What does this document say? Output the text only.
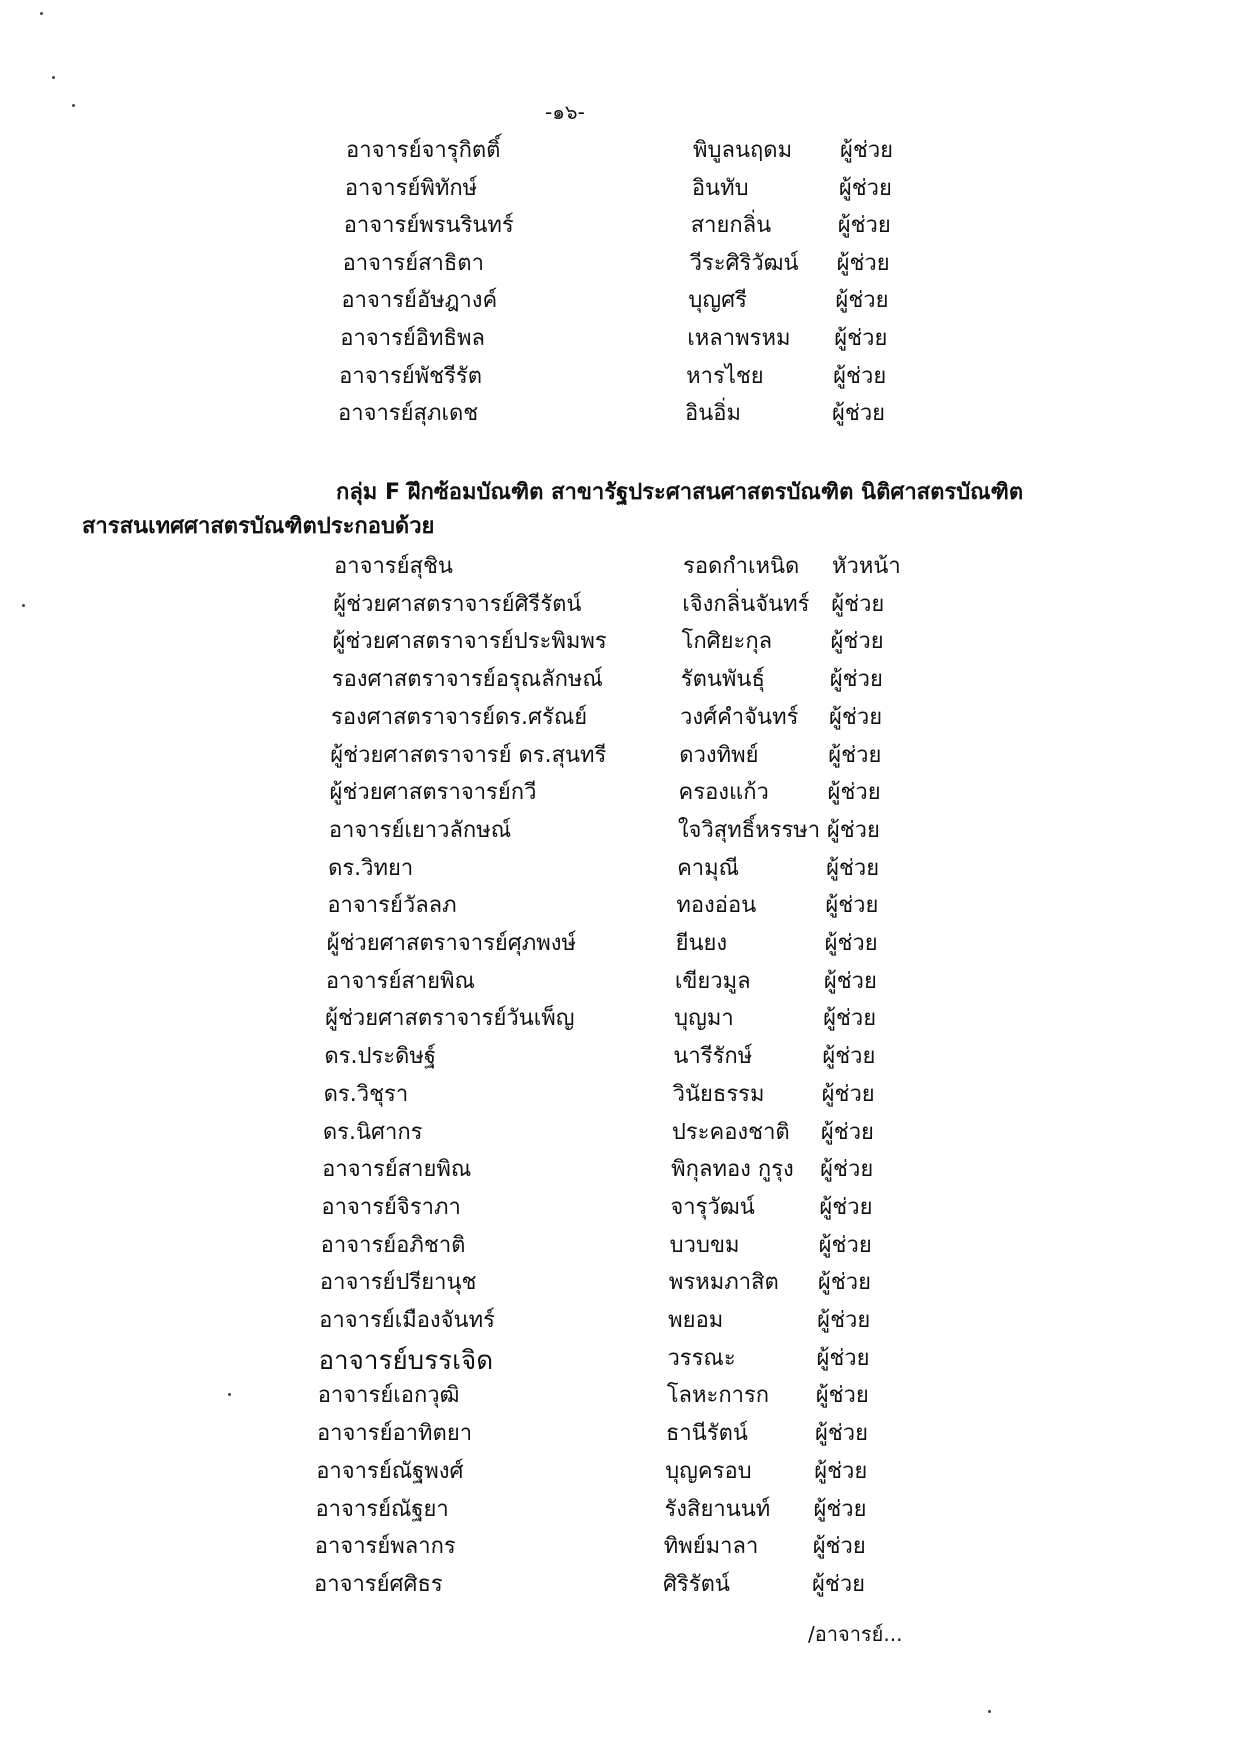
-๑๖-
อาจารย์จารุกิตติ์	พิบูลนฤดม ผู้ช่วย
อาจารย์พิทักษ์	อินทับ	ผู้ช่วย
อาจารย์พรนรินทร์	สายกลิ่น	ผู้ช่วย
อาจารย์สาธิตา	วีระศิริวัฒน์ ผู้ช่วย
อาจารย์อัษฎางค์	บุญศรี	ผู้ช่วย
อาจารย์อิทธิพล	เหลาพรหม ผู้ช่วย
อาจารย์พัชรีรัต	หารไชย	ผู้ช่วย
อาจารย์สุภเดช	อินอิ่ม	ผู้ช่วย
กลุ่ม F ฝึกซ้อมบัณฑิต สาขารัฐประศาสนศาสตรบัณฑิต นิติศาสตรบัณฑิต
สารสนเทศศาสตรบัณฑิตประกอบด้วย
อาจารย์สุชิน	รอดกำเหนิด หัวหน้า
ผู้ช่วยศาสตราจารย์ศิรีรัตน์	เจิงกลิ่นจันทร์ ผู้ช่วย
ผู้ช่วยศาสตราจารย์ประพิมพร	โกศิยะกุล	ผู้ช่วย
รองศาสตราจารย์อรุณลักษณ์	รัตนพันธุ์	ผู้ช่วย
รองศาสตราจารย์ดร.ศรัณย์	วงศ์คำจันทร์ ผู้ช่วย
ผู้ช่วยศาสตราจารย์ ดร.สุนทรี	ดวงทิพย์	ผู้ช่วย
ผู้ช่วยศาสตราจารย์กวี	ครองแก้ว	ผู้ช่วย
อาจารย์เยาวลักษณ์	ใจวิสุทธิ์หรรษา ผู้ช่วย
ดร.วิทยา	คามุณี	ผู้ช่วย
อาจารย์วัลลภ	ทองอ่อน	ผู้ช่วย
ผู้ช่วยศาสตราจารย์ศุภพงษ์	ยีนยง	ผู้ช่วย
อาจารย์สายพิณ	เขียวมูล	ผู้ช่วย
ผู้ช่วยศาสตราจารย์วันเพ็ญ	บุญมา	ผู้ช่วย
ดร.ประดิษฐ์	นารีรักษ์	ผู้ช่วย
ดร.วิชุรา	วินัยธรรม	ผู้ช่วย
ดร.นิศากร	ประคองชาติ ผู้ช่วย
อาจารย์สายพิณ	พิกุลทอง กูรุง ผู้ช่วย
อาจารย์จิราภา	จารุวัฒน์	ผู้ช่วย
อาจารย์อภิชาติ	บวบขม	ผู้ช่วย
อาจารย์ปรียานุช	พรหมภาสิต ผู้ช่วย
อาจารย์เมืองจันทร์	พยอม	ผู้ช่วย
อาจารย์บรรเจิด	วรรณะ	ผู้ช่วย
อาจารย์เอกวุฒิ	โลหะการก ผู้ช่วย
อาจารย์อาทิตยา	ธานีรัตน์	ผู้ช่วย
อาจารย์ณัฐพงศ์	บุญครอบ	ผู้ช่วย
อาจารย์ณัฐยา	รังสิยานนท์ ผู้ช่วย
อาจารย์พลากร	ทิพย์มาลา ผู้ช่วย
อาจารย์ศศิธร	ศิริรัตน์	ผู้ช่วย
/อาจารย์...
